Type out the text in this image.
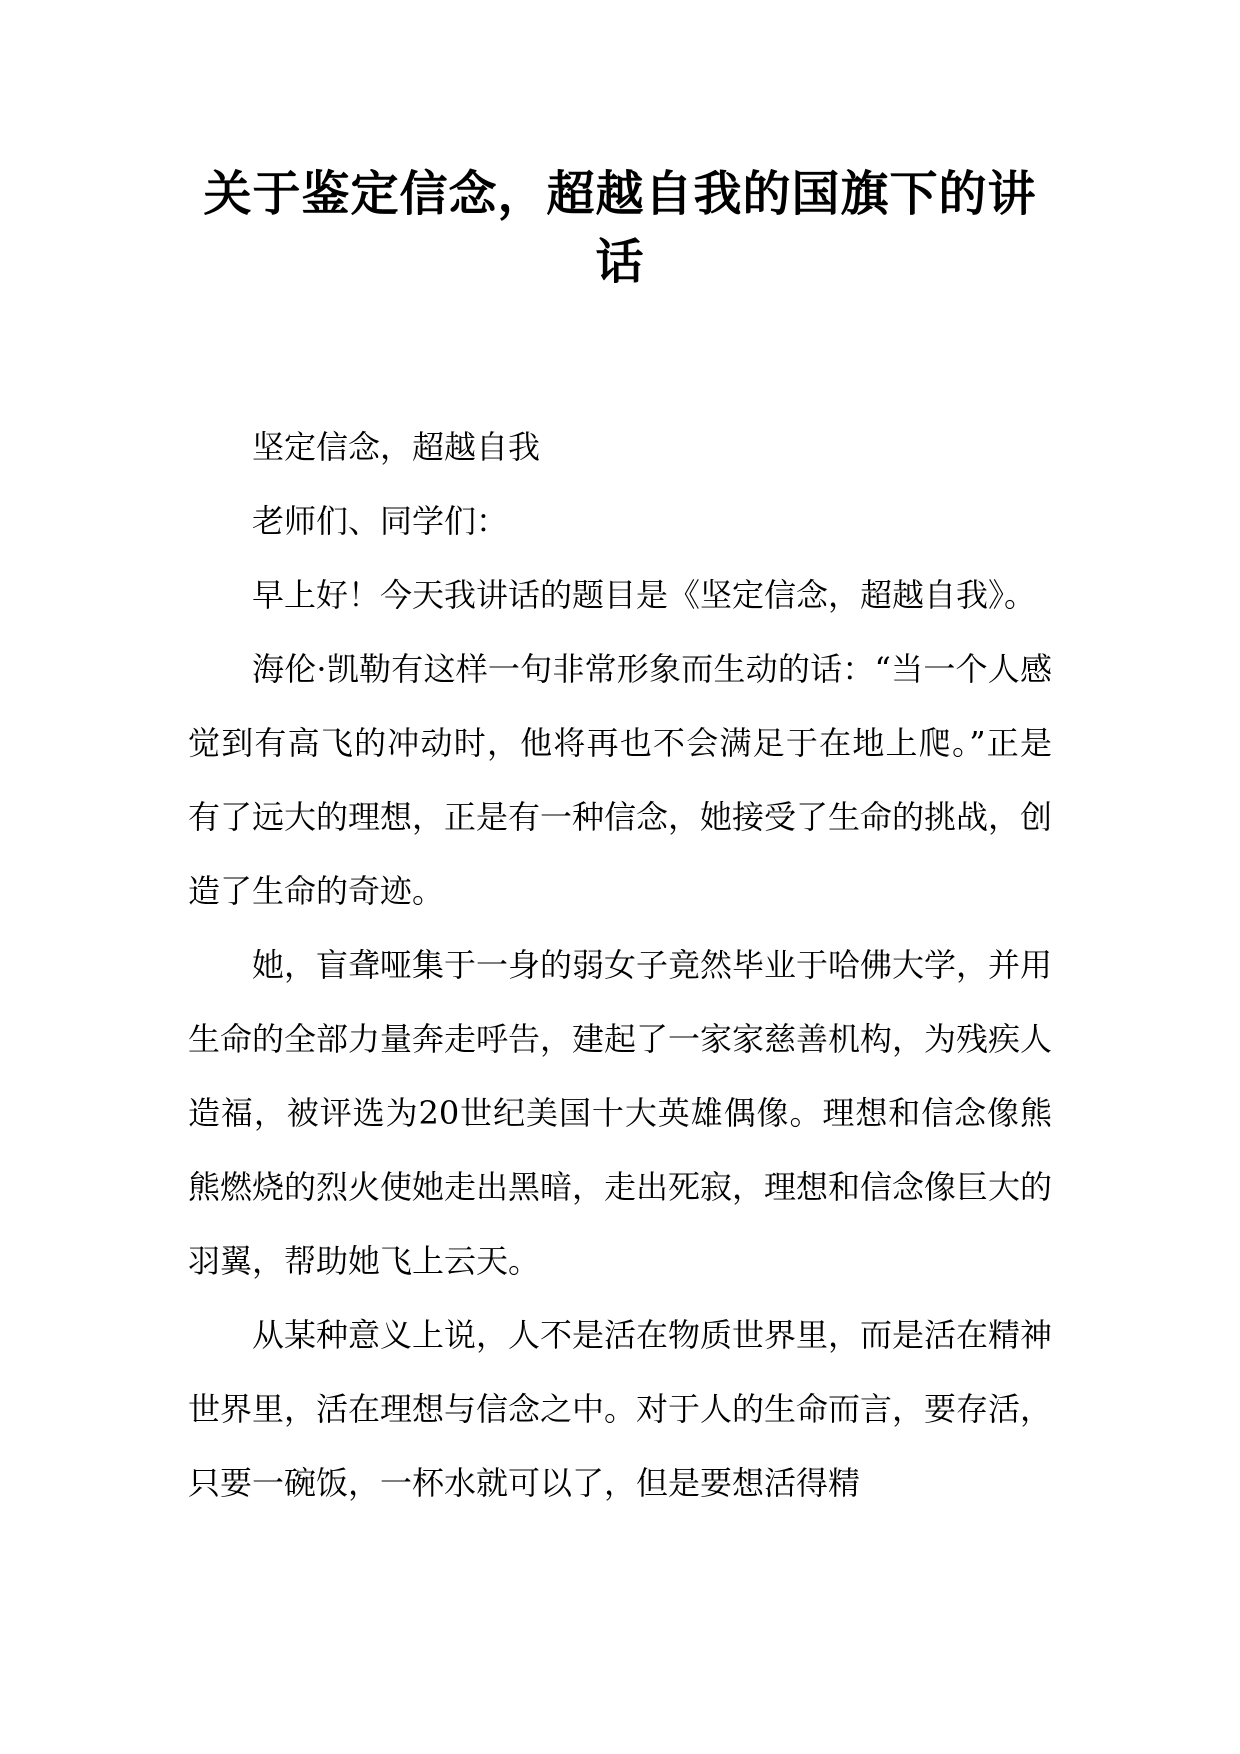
关于鉴定信念，超越自我的国旗下的讲话

坚定信念，超越自我

老师们、同学们：

早上好！今天我讲话的题目是《坚定信念，超越自我》。

海伦·凯勒有这样一句非常形象而生动的话：“当一个人感觉到有高飞的冲动时，他将再也不会满足于在地上爬。”正是有了远大的理想，正是有一种信念，她接受了生命的挑战，创造了生命的奇迹。

她，盲聋哑集于一身的弱女子竟然毕业于哈佛大学，并用生命的全部力量奔走呼告，建起了一家家慈善机构，为残疾人造福，被评选为20世纪美国十大英雄偶像。理想和信念像熊熊燃烧的烈火使她走出黑暗，走出死寂，理想和信念像巨大的羽翼，帮助她飞上云天。

从某种意义上说，人不是活在物质世界里，而是活在精神世界里，活在理想与信念之中。对于人的生命而言，要存活，只要一碗饭，一杯水就可以了，但是要想活得精
